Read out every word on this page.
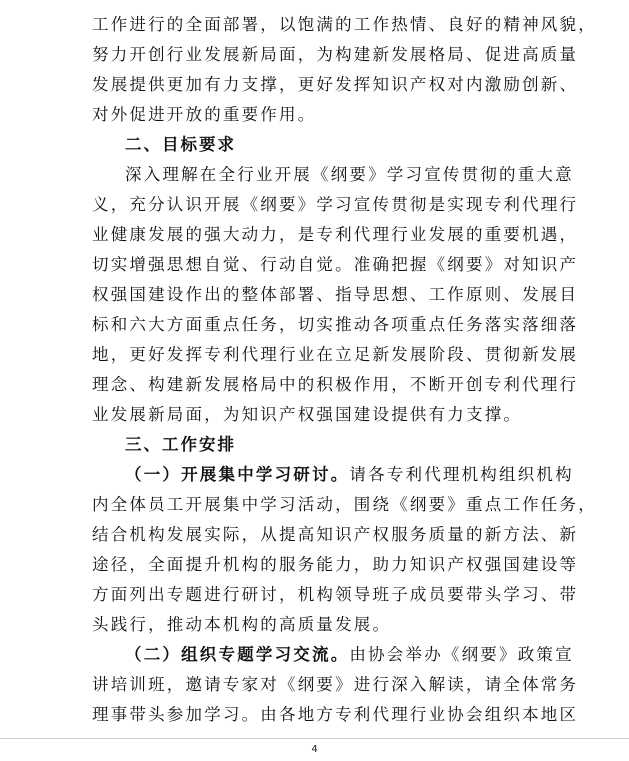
工作进行的全面部署，以饱满的工作热情、良好的精神风貌，
努力开创行业发展新局面，为构建新发展格局、促进高质量
发展提供更加有力支撑，更好发挥知识产权对内激励创新、
对外促进开放的重要作用。
二、目标要求
深入理解在全行业开展《纲要》学习宣传贯彻的重大意
义，充分认识开展《纲要》学习宣传贯彻是实现专利代理行
业健康发展的强大动力，是专利代理行业发展的重要机遇，
切实增强思想自觉、行动自觉。准确把握《纲要》对知识产
权强国建设作出的整体部署、指导思想、工作原则、发展目
标和六大方面重点任务，切实推动各项重点任务落实落细落
地，更好发挥专利代理行业在立足新发展阶段、贯彻新发展
理念、构建新发展格局中的积极作用，不断开创专利代理行
业发展新局面，为知识产权强国建设提供有力支撑。
三、工作安排
（一）开展集中学习研讨。请各专利代理机构组织机构
内全体员工开展集中学习活动，围绕《纲要》重点工作任务，
结合机构发展实际，从提高知识产权服务质量的新方法、新
途径，全面提升机构的服务能力，助力知识产权强国建设等
方面列出专题进行研讨，机构领导班子成员要带头学习、带
头践行，推动本机构的高质量发展。
（二）组织专题学习交流。由协会举办《纲要》政策宣
讲培训班，邀请专家对《纲要》进行深入解读，请全体常务
理事带头参加学习。由各地方专利代理行业协会组织本地区
4
